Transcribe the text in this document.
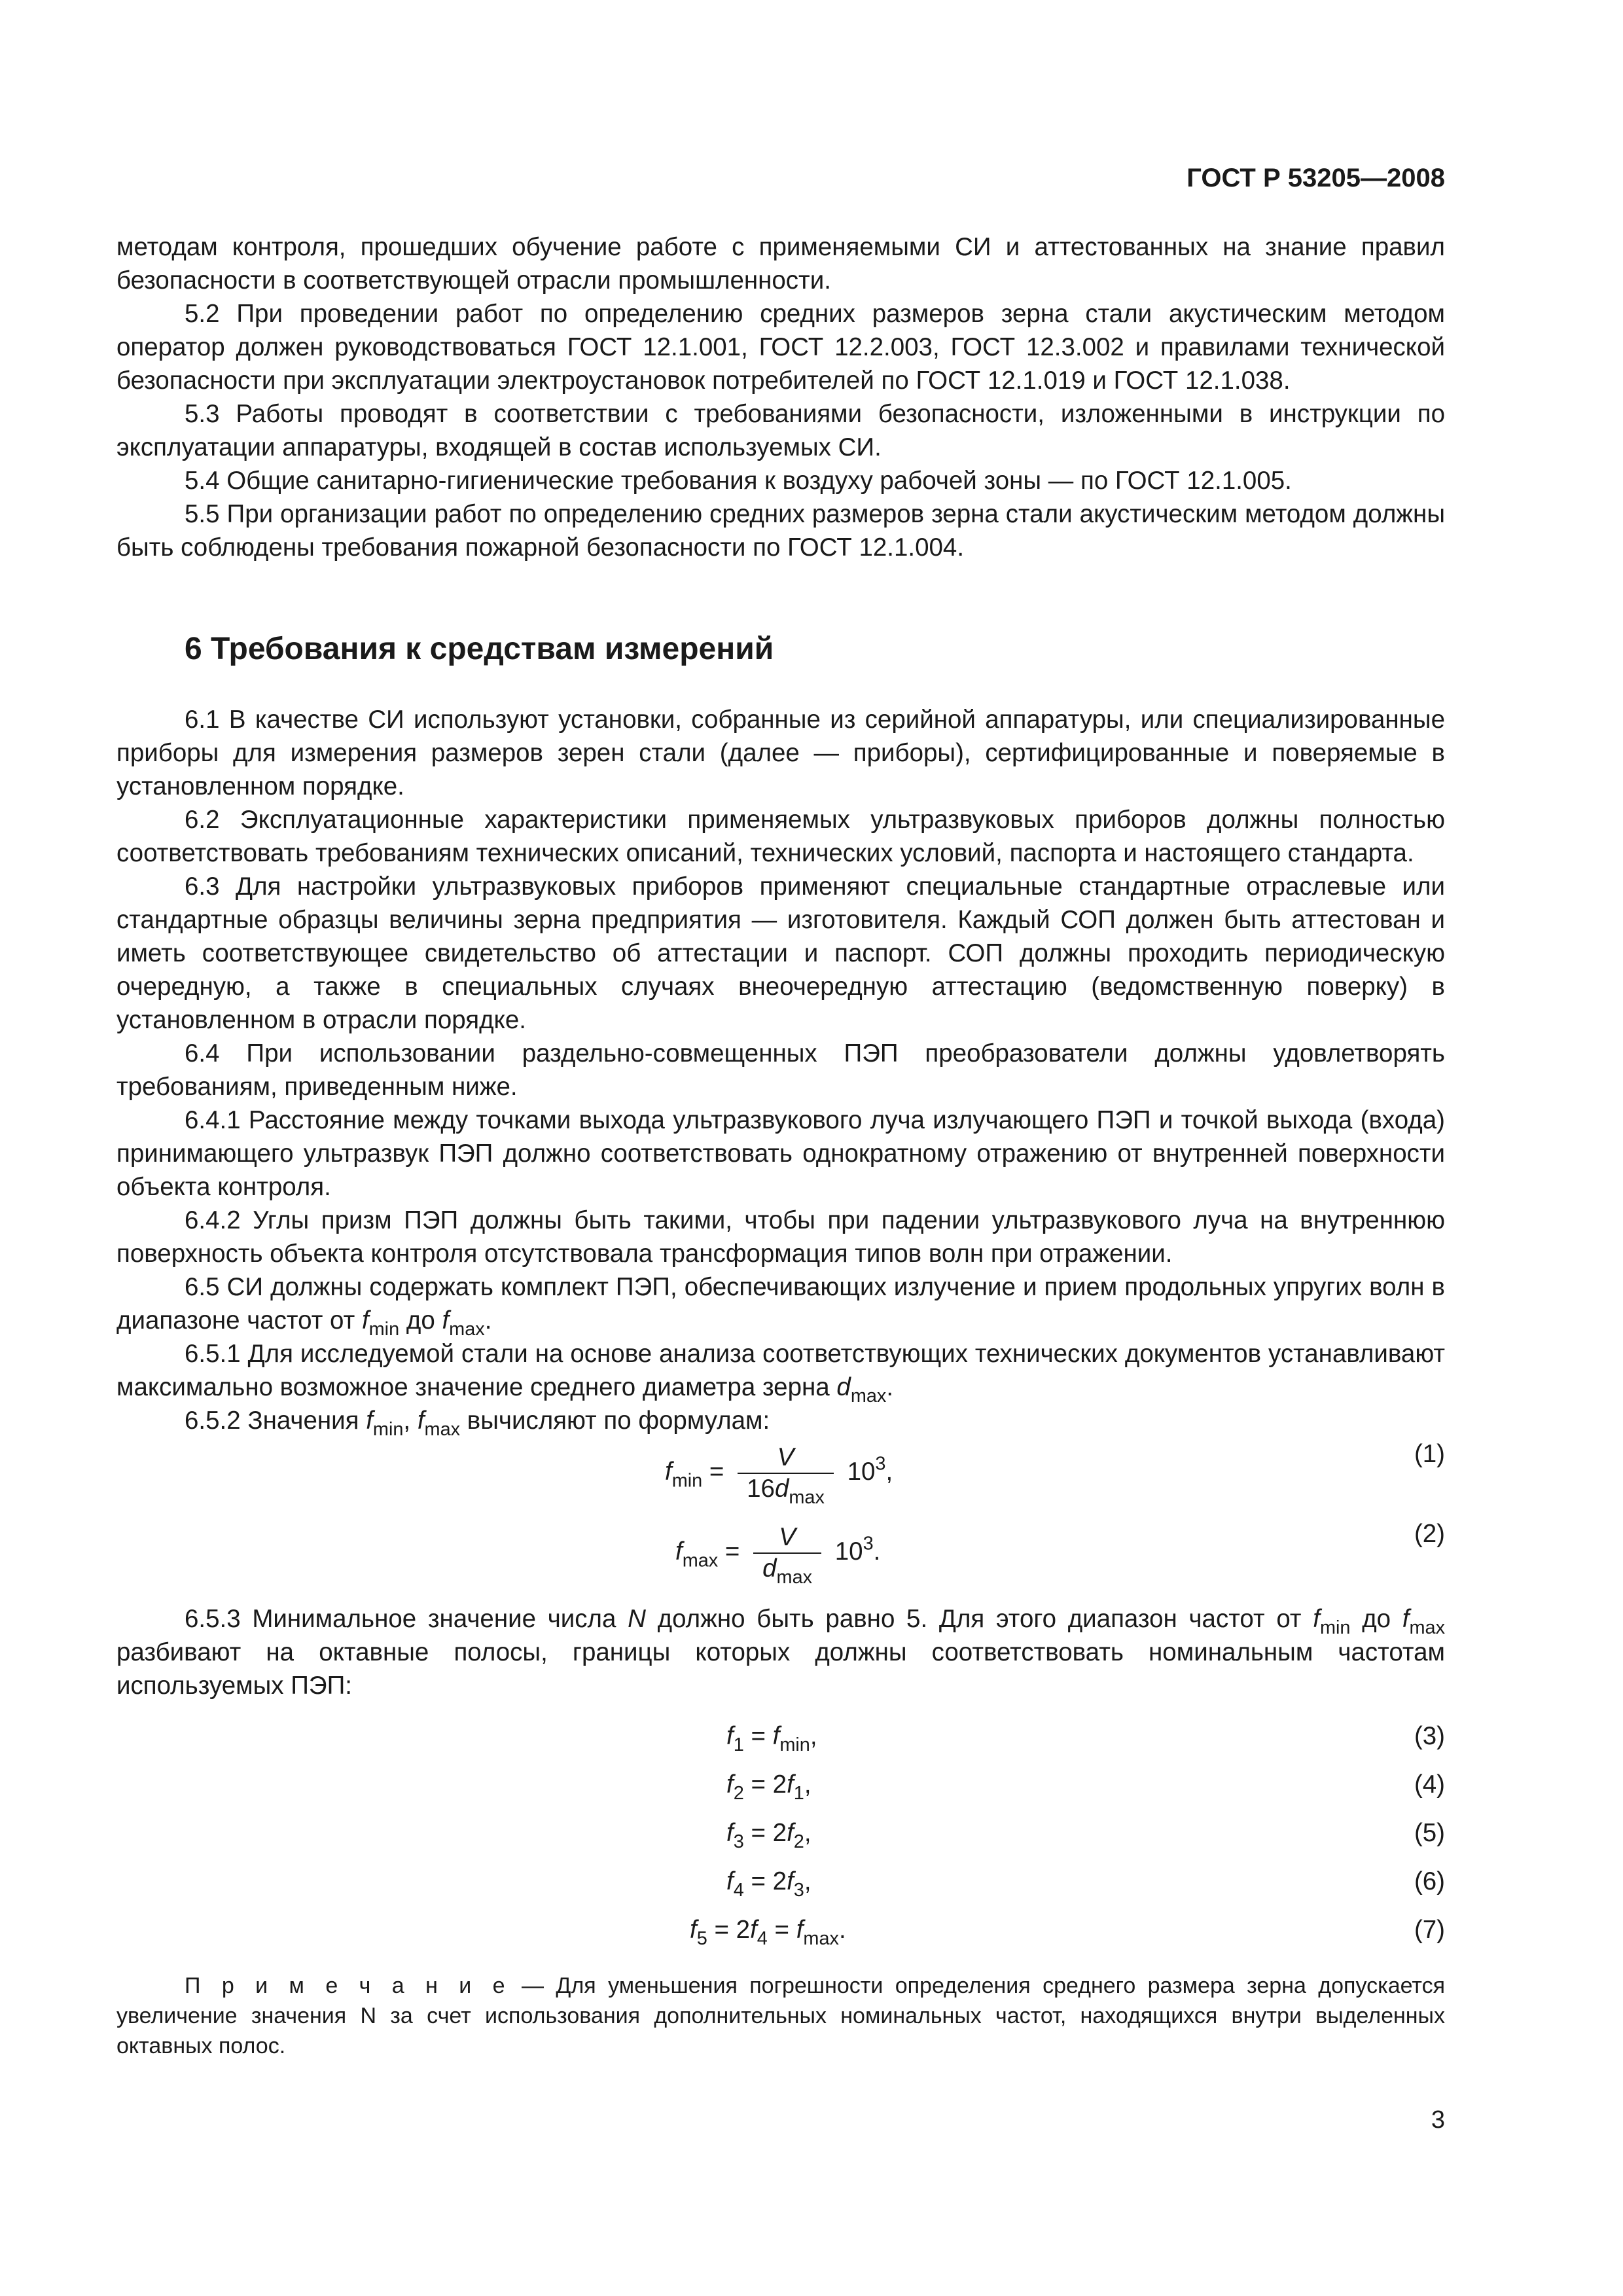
ГОСТ Р 53205—2008

методам контроля, прошедших обучение работе с применяемыми СИ и аттестованных на знание правил безопасности в соответствующей отрасли промышленности.

5.2 При проведении работ по определению средних размеров зерна стали акустическим методом оператор должен руководствоваться ГОСТ 12.1.001, ГОСТ 12.2.003, ГОСТ 12.3.002 и правилами технической безопасности при эксплуатации электроустановок потребителей по ГОСТ 12.1.019 и ГОСТ 12.1.038.

5.3 Работы проводят в соответствии с требованиями безопасности, изложенными в инструкции по эксплуатации аппаратуры, входящей в состав используемых СИ.

5.4 Общие санитарно-гигиенические требования к воздуху рабочей зоны — по ГОСТ 12.1.005.

5.5 При организации работ по определению средних размеров зерна стали акустическим методом должны быть соблюдены требования пожарной безопасности по ГОСТ 12.1.004.

6 Требования к средствам измерений

6.1 В качестве СИ используют установки, собранные из серийной аппаратуры, или специализированные приборы для измерения размеров зерен стали (далее — приборы), сертифицированные и поверяемые в установленном порядке.

6.2 Эксплуатационные характеристики применяемых ультразвуковых приборов должны полностью соответствовать требованиям технических описаний, технических условий, паспорта и настоящего стандарта.

6.3 Для настройки ультразвуковых приборов применяют специальные стандартные отраслевые или стандартные образцы величины зерна предприятия — изготовителя. Каждый СОП должен быть аттестован и иметь соответствующее свидетельство об аттестации и паспорт. СОП должны проходить периодическую очередную, а также в специальных случаях внеочередную аттестацию (ведомственную поверку) в установленном в отрасли порядке.

6.4 При использовании раздельно-совмещенных ПЭП преобразователи должны удовлетворять требованиям, приведенным ниже.

6.4.1 Расстояние между точками выхода ультразвукового луча излучающего ПЭП и точкой выхода (входа) принимающего ультразвук ПЭП должно соответствовать однократному отражению от внутренней поверхности объекта контроля.

6.4.2 Углы призм ПЭП должны быть такими, чтобы при падении ультразвукового луча на внутреннюю поверхность объекта контроля отсутствовала трансформация типов волн при отражении.

6.5 СИ должны содержать комплект ПЭП, обеспечивающих излучение и прием продольных упругих волн в диапазоне частот от $f_{min}$ до $f_{max}$.

6.5.1 Для исследуемой стали на основе анализа соответствующих технических документов устанавливают максимально возможное значение среднего диаметра зерна $d_{max}$.

6.5.2 Значения $f_{min}$, $f_{max}$ вычисляют по формулам:

$f_{min} = \frac{V}{16d_{max}} 10^3$,
(1)
$f_{max} = \frac{V}{d_{max}} 10^3$.
(2)

6.5.3 Минимальное значение числа N должно быть равно 5. Для этого диапазон частот от $f_{min}$ до $f_{max}$ разбивают на октавные полосы, границы которых должны соответствовать номинальным частотам используемых ПЭП:

$f_1 = f_{min}$,	(3)
$f_2 = 2f_1$,	(4)
$f_3 = 2f_2$,	(5)
$f_4 = 2f_3$,	(6)
$f_5 = 2f_4 = f_{max}$.	(7)
П р и м е ч а н и е — Для уменьшения погрешности определения среднего размера зерна допускается увеличение значения N за счет использования дополнительных номинальных частот, находящихся внутри выделенных октавных полос.
3
